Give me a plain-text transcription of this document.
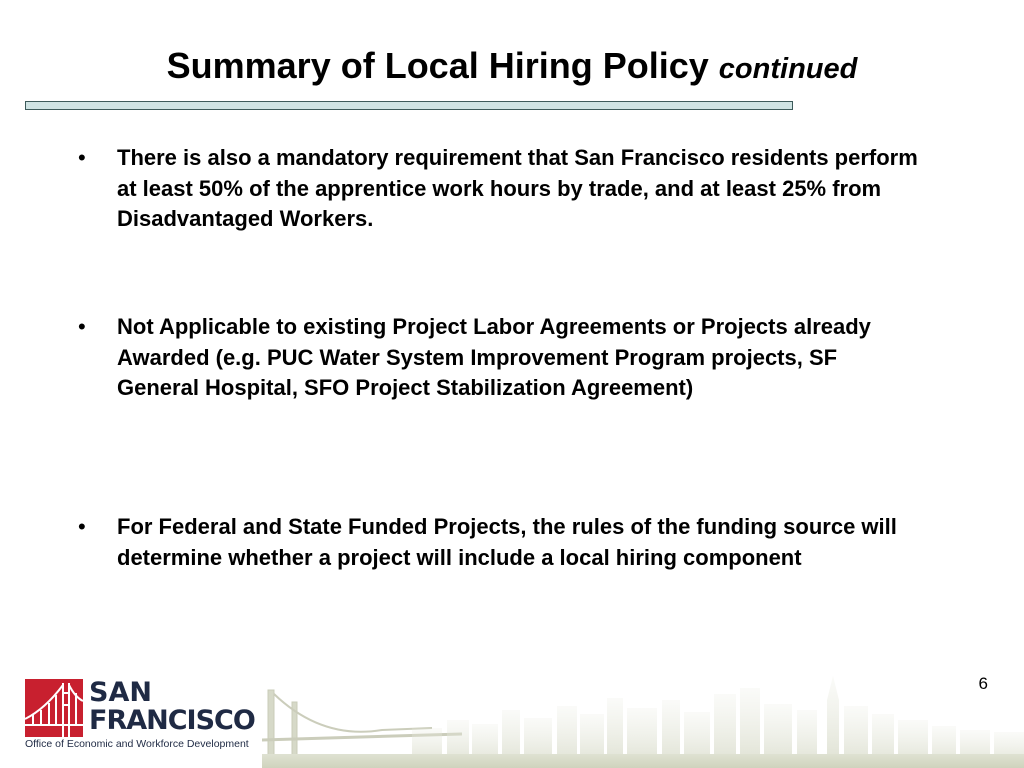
Summary of Local Hiring Policy continued
•	There is also a mandatory requirement that San Francisco residents perform at least 50% of the apprentice work hours by trade, and at least 25% from Disadvantaged Workers.
•	Not Applicable to existing Project Labor Agreements or Projects already Awarded (e.g. PUC Water System Improvement Program projects, SF General Hospital, SFO Project Stabilization Agreement)
•	For Federal and State Funded Projects, the rules of the funding source will determine whether a project will include a local hiring component
6
SAN
FRANCISCO
Office of Economic and Workforce Development
